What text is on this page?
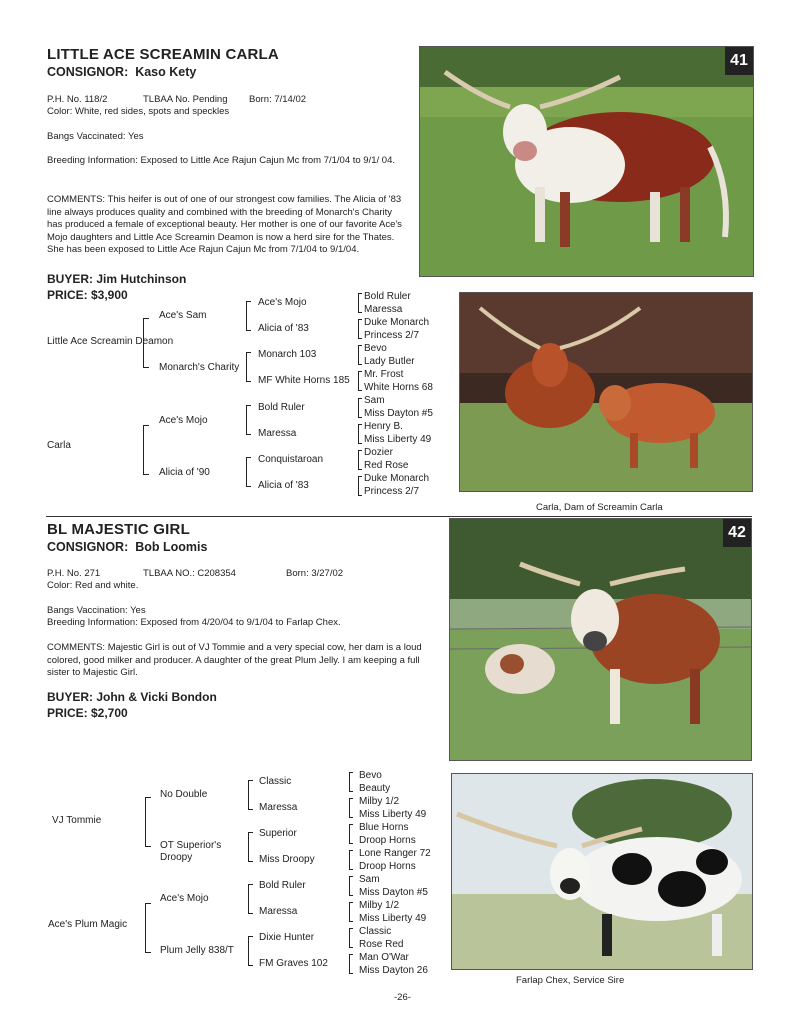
LITTLE ACE SCREAMIN CARLA
CONSIGNOR: Kaso Kety
P.H. No. 118/2	TLBAA No. Pending Born: 7/14/02
Color: White, red sides, spots and speckles
Bangs Vaccinated: Yes
Breeding Information: Exposed to Little Ace Rajun Cajun Mc from 7/1/04 to 9/1/ 04.
COMMENTS: This heifer is out of one of our strongest cow families. The Alicia of '83 line always produces quality and combined with the breeding of Monarch's Charity has produced a female of exceptional beauty. Her mother is one of our favorite Ace's Mojo daughters and Little Ace Screamin Deamon is now a herd sire for the Thates. She has been exposed to Little Ace Rajun Cajun Mc from 7/1/04 to 9/1/04.
BUYER: Jim Hutchinson
PRICE: $3,900
Little Ace Screamin Deamon
Carla
Ace's Sam
Monarch's Charity
Ace's Mojo
Alicia of '90
Ace's Mojo
Alicia of '83
Monarch 103
MF White Horns 185
Bold Ruler
Maressa
Conquistaroan
Alicia of '83
Bold Ruler
Maressa
Duke Monarch
Princess 2/7
Bevo
Lady Butler
Mr. Frost
White Horns 68
Sam
Miss Dayton #5
Henry B.
Miss Liberty 49
Dozier
Red Rose
Duke Monarch
Princess 2/7
41
Carla, Dam of Screamin Carla
BL MAJESTIC GIRL
CONSIGNOR: Bob Loomis
P.H. No. 271	TLBAA NO.: C208354	Born: 3/27/02
Color: Red and white.
Bangs Vaccination: Yes
Breeding Information: Exposed from 4/20/04 to 9/1/04 to Farlap Chex.
COMMENTS: Majestic Girl is out of VJ Tommie and a very special cow, her dam is a loud colored, good milker and producer. A daughter of the great Plum Jelly. I am keeping a full sister to Majestic Girl.
BUYER: John & Vicki Bondon
PRICE: $2,700
VJ Tommie
Ace's Plum Magic
No Double
OT Superior's Droopy
Ace's Mojo
Plum Jelly 838/T
Classic
Maressa
Superior
Miss Droopy
Bold Ruler
Maressa
Dixie Hunter
FM Graves 102
Bevo
Beauty
Milby 1/2
Miss Liberty 49
Blue Horns
Droop Horns
Lone Ranger 72
Droop Horns
Sam
Miss Dayton #5
Milby 1/2
Miss Liberty 49
Classic
Rose Red
Man O'War
Miss Dayton 26
42
Farlap Chex, Service Sire
-26-
